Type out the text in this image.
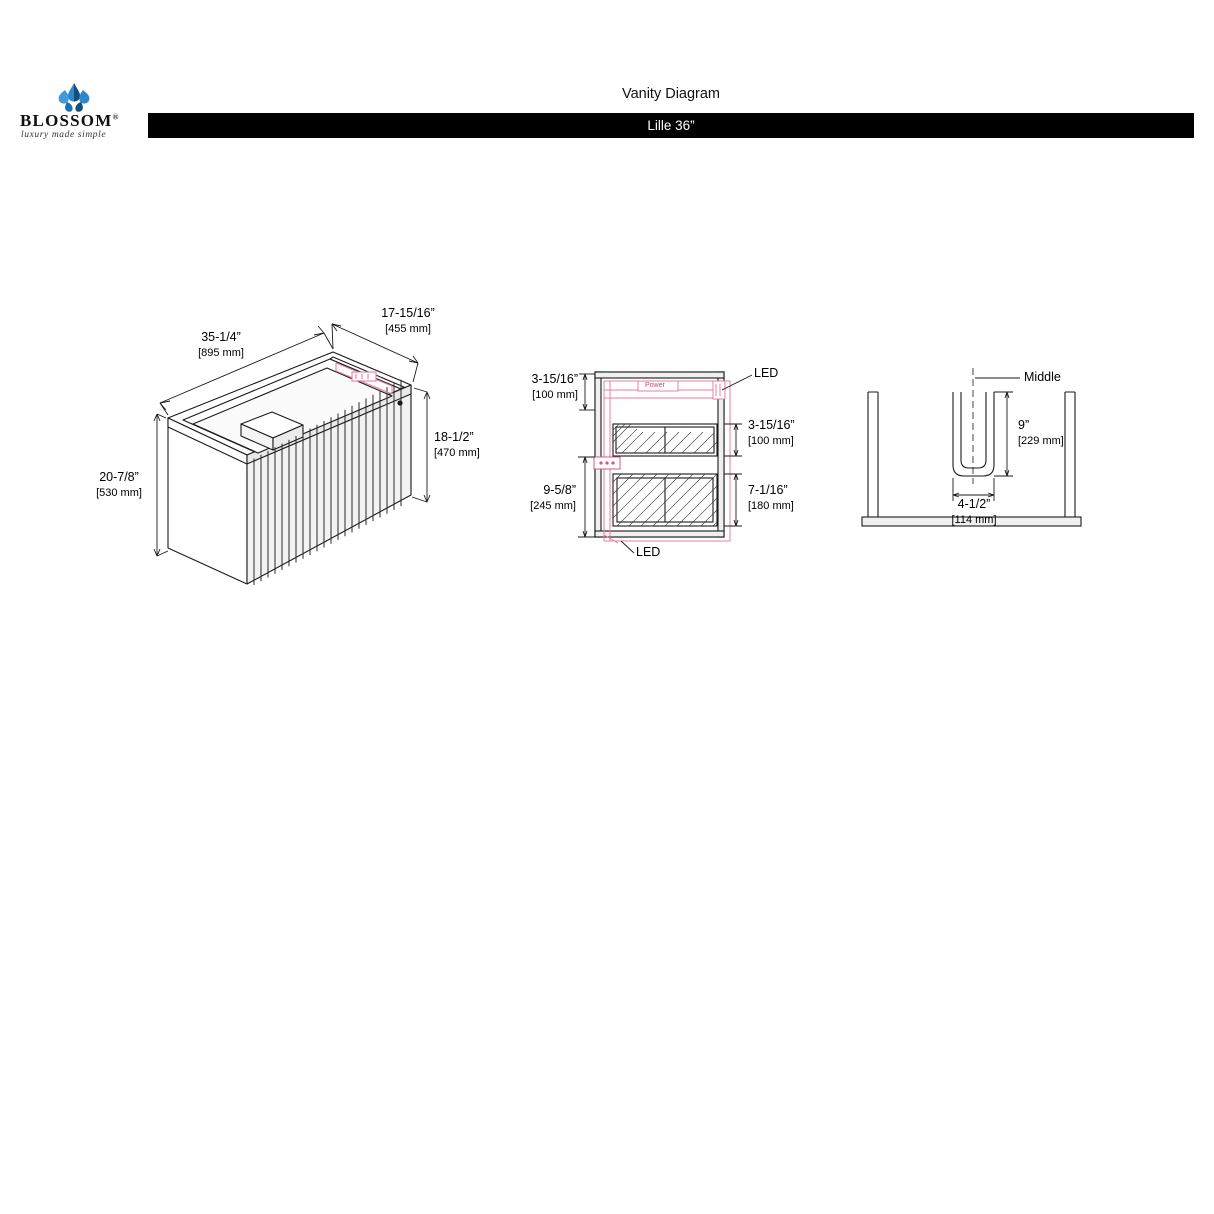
BLOSSOM®
luxury made simple
Vanity Diagram
Lille 36”
35-1/4”
[895 mm]
17-15/16”
[455 mm]
20-7/8”
[530 mm]
18-1/2”
[470 mm]
3-15/16”
[100 mm]
3-15/16”
[100 mm]
9-5/8”
[245 mm]
7-1/16”
[180 mm]
LED
LED
Power
Middle
9”
[229 mm]
4-1/2”
[114 mm]
